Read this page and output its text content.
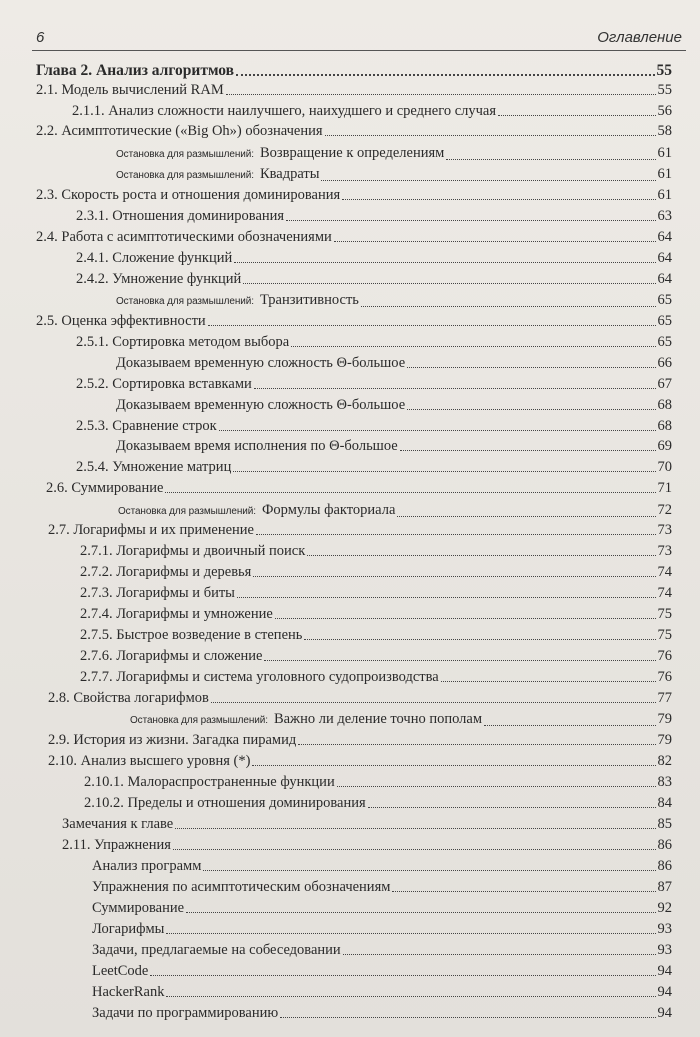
6	Оглавление
Глава 2. Анализ алгоритмов	55
2.1. Модель вычислений RAM	55
2.1.1. Анализ сложности наилучшего, наихудшего и среднего случая	56
2.2. Асимптотические («Big Oh») обозначения	58
Остановка для размышлений: Возвращение к определениям	61
Остановка для размышлений: Квадраты	61
2.3. Скорость роста и отношения доминирования	61
2.3.1. Отношения доминирования	63
2.4. Работа с асимптотическими обозначениями	64
2.4.1. Сложение функций	64
2.4.2. Умножение функций	64
Остановка для размышлений: Транзитивность	65
2.5. Оценка эффективности	65
2.5.1. Сортировка методом выбора	65
Доказываем временную сложность Θ-большое	66
2.5.2. Сортировка вставками	67
Доказываем временную сложность Θ-большое	68
2.5.3. Сравнение строк	68
Доказываем время исполнения по Θ-большое	69
2.5.4. Умножение матриц	70
2.6. Суммирование	71
Остановка для размышлений: Формулы факториала	72
2.7. Логарифмы и их применение	73
2.7.1. Логарифмы и двоичный поиск	73
2.7.2. Логарифмы и деревья	74
2.7.3. Логарифмы и биты	74
2.7.4. Логарифмы и умножение	75
2.7.5. Быстрое возведение в степень	75
2.7.6. Логарифмы и сложение	76
2.7.7. Логарифмы и система уголовного судопроизводства	76
2.8. Свойства логарифмов	77
Остановка для размышлений: Важно ли деление точно пополам	79
2.9. История из жизни. Загадка пирамид	79
2.10. Анализ высшего уровня (*)	82
2.10.1. Малораспространенные функции	83
2.10.2. Пределы и отношения доминирования	84
Замечания к главе	85
2.11. Упражнения	86
Анализ программ	86
Упражнения по асимптотическим обозначениям	87
Суммирование	92
Логарифмы	93
Задачи, предлагаемые на собеседовании	93
LeetCode	94
HackerRank	94
Задачи по программированию	94
